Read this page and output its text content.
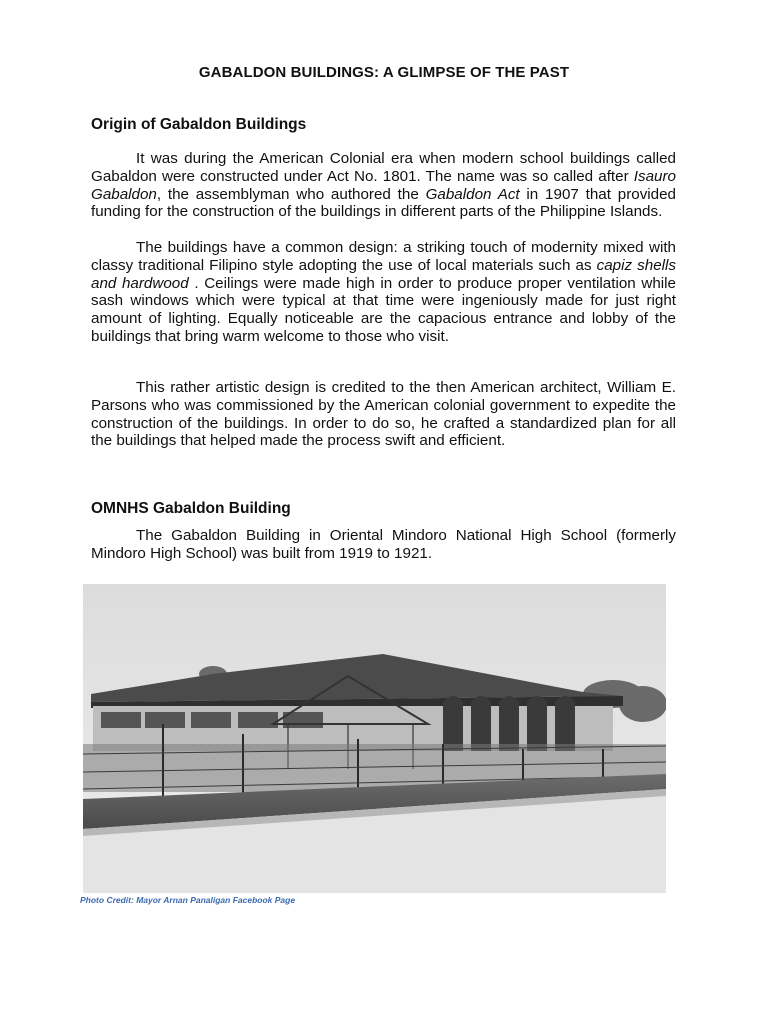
GABALDON BUILDINGS: A GLIMPSE OF THE PAST
Origin of Gabaldon Buildings

It was during the American Colonial era when modern school buildings called Gabaldon were constructed under Act No. 1801. The name was so called after Isauro Gabaldon, the assemblyman who authored the Gabaldon Act in 1907 that provided funding for the construction of the buildings in different parts of the Philippine Islands.

The buildings have a common design: a striking touch of modernity mixed with classy traditional Filipino style adopting the use of local materials such as capiz shells and hardwood . Ceilings were made high in order to produce proper ventilation while sash windows which were typical at that time were ingeniously made for just right amount of lighting. Equally noticeable are the capacious entrance and lobby of the buildings that bring warm welcome to those who visit.

This rather artistic design is credited to the then American architect, William E. Parsons who was commissioned by the American colonial government to expedite the construction of the buildings. In order to do so, he crafted a standardized plan for all the buildings that helped made the process swift and efficient.

OMNHS Gabaldon Building

The Gabaldon Building in Oriental Mindoro National High School (formerly Mindoro High School) was built from 1919 to 1921.

Photo Credit: Mayor Arnan Panaligan Facebook Page
